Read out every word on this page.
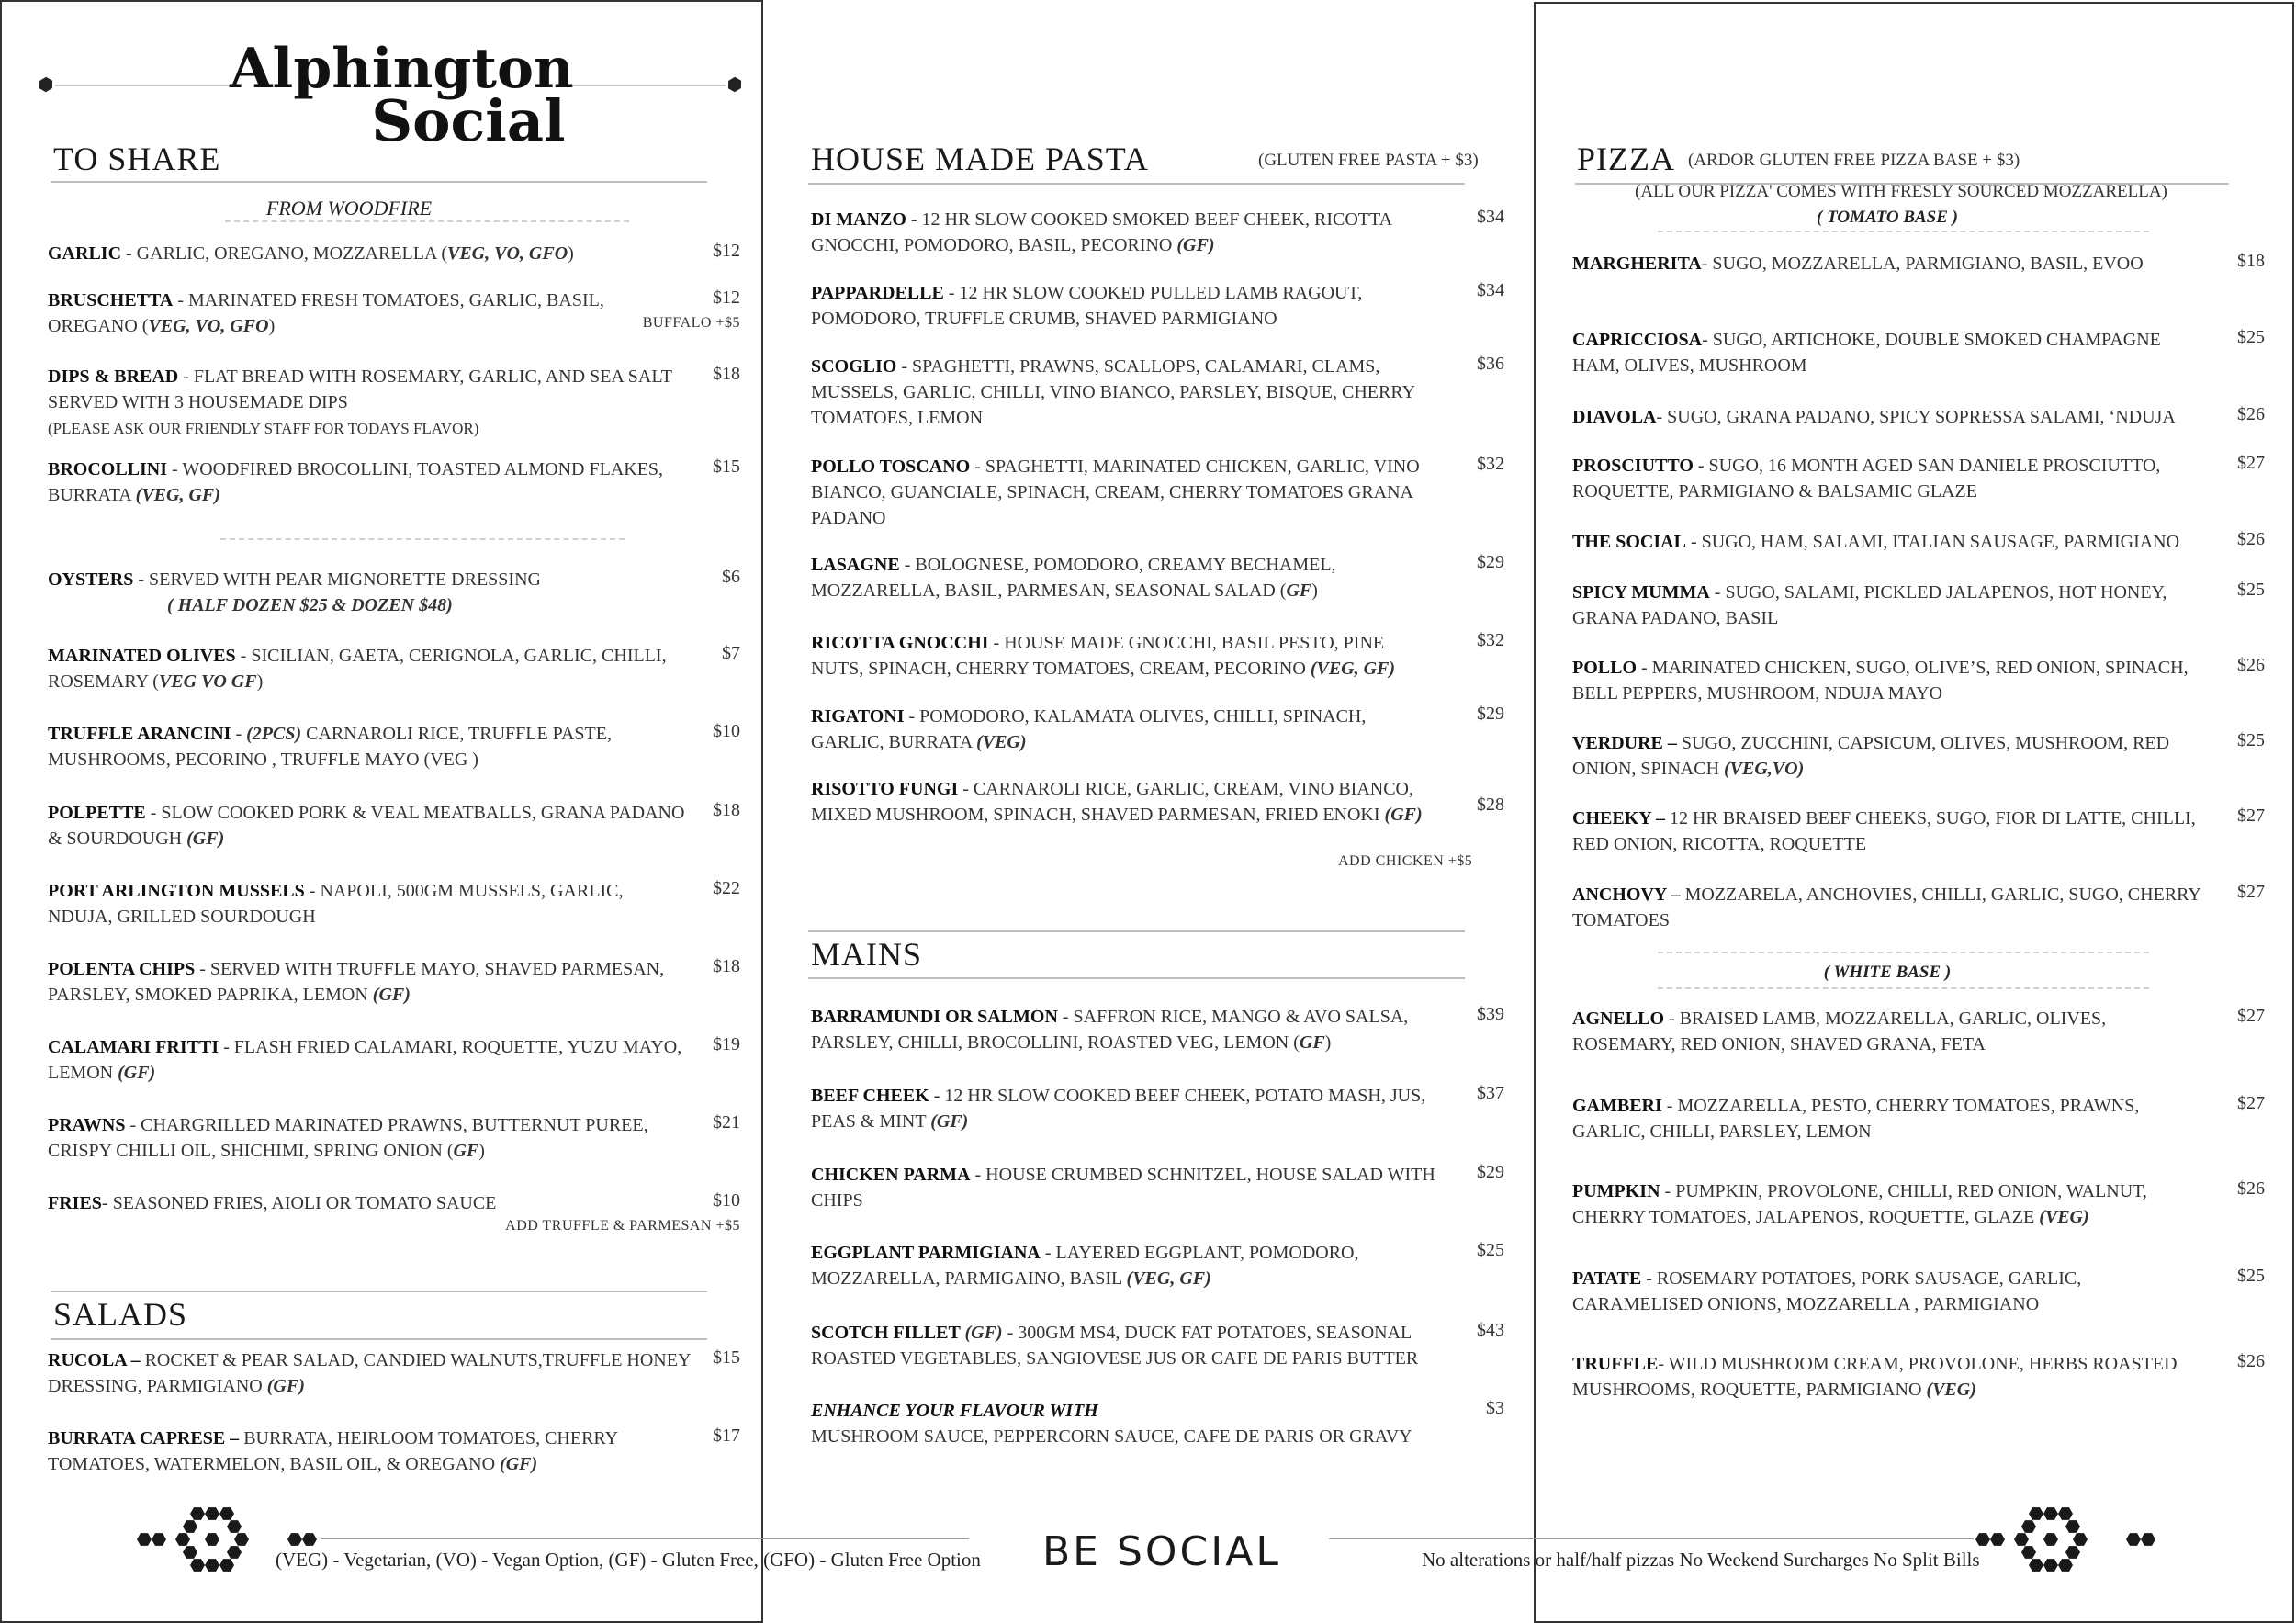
Alphington
Social
TO SHARE
FROM WOODFIRE
SALADS
HOUSE MADE PASTA	(GLUTEN FREE PASTA + $3)
ADD CHICKEN +$5
MAINS
PIZZA (ARDOR GLUTEN FREE PIZZA BASE + $3)
(ALL OUR PIZZA' COMES WITH FRESLY SOURCED MOZZARELLA)
( TOMATO BASE )
( WHITE BASE )
(VEG) - Vegetarian, (VO) - Vegan Option, (GF) - Gluten Free, (GFO) - Gluten Free Option BE SOCIAL	No alterations or half/half pizzas No Weekend Surcharges No Split Bills
GARLIC - GARLIC, OREGANO, MOZZARELLA (VEG, VO, GFO)	$12
BRUSCHETTA - MARINATED FRESH TOMATOES, GARLIC, BASIL, OREGANO (VEG, VO, GFO)
$12
BUFFALO +$5
DIPS & BREAD - FLAT BREAD WITH ROSEMARY, GARLIC, AND SEA SALT SERVED WITH 3 HOUSEMADE DIPS
(PLEASE ASK OUR FRIENDLY STAFF FOR TODAYS FLAVOR)
$18
BROCOLLINI - WOODFIRED BROCOLLINI, TOASTED ALMOND FLAKES, BURRATA (VEG, GF)
$15
OYSTERS - SERVED WITH PEAR MIGNORETTE DRESSING
( HALF DOZEN $25 & DOZEN $48)
$6
MARINATED OLIVES - SICILIAN, GAETA, CERIGNOLA, GARLIC, CHILLI, ROSEMARY (VEG VO GF)
$7
TRUFFLE ARANCINI - (2PCS) CARNAROLI RICE, TRUFFLE PASTE, MUSHROOMS, PECORINO , TRUFFLE MAYO (VEG )
$10
POLPETTE - SLOW COOKED PORK & VEAL MEATBALLS, GRANA PADANO & SOURDOUGH (GF)
$18
PORT ARLINGTON MUSSELS - NAPOLI, 500GM MUSSELS, GARLIC, NDUJA, GRILLED SOURDOUGH
$22
POLENTA CHIPS - SERVED WITH TRUFFLE MAYO, SHAVED PARMESAN, PARSLEY, SMOKED PAPRIKA, LEMON (GF)
$18
CALAMARI FRITTI - FLASH FRIED CALAMARI, ROQUETTE, YUZU MAYO, LEMON (GF)
$19
PRAWNS - CHARGRILLED MARINATED PRAWNS, BUTTERNUT PUREE, CRISPY CHILLI OIL, SHICHIMI, SPRING ONION (GF)
$21
FRIES- SEASONED FRIES, AIOLI OR TOMATO SAUCE	$10
ADD TRUFFLE & PARMESAN +$5
RUCOLA – ROCKET & PEAR SALAD, CANDIED WALNUTS,TRUFFLE HONEY DRESSING, PARMIGIANO (GF)
$15
BURRATA CAPRESE – BURRATA, HEIRLOOM TOMATOES, CHERRY TOMATOES, WATERMELON, BASIL OIL, & OREGANO (GF)
$17
DI MANZO - 12 HR SLOW COOKED SMOKED BEEF CHEEK, RICOTTA GNOCCHI, POMODORO, BASIL, PECORINO (GF)
$34
PAPPARDELLE - 12 HR SLOW COOKED PULLED LAMB RAGOUT, POMODORO, TRUFFLE CRUMB, SHAVED PARMIGIANO
$34
SCOGLIO - SPAGHETTI, PRAWNS, SCALLOPS, CALAMARI, CLAMS, MUSSELS, GARLIC, CHILLI, VINO BIANCO, PARSLEY, BISQUE, CHERRY TOMATOES, LEMON
$36
POLLO TOSCANO - SPAGHETTI, MARINATED CHICKEN, GARLIC, VINO BIANCO, GUANCIALE, SPINACH, CREAM, CHERRY TOMATOES GRANA PADANO
$32
LASAGNE - BOLOGNESE, POMODORO, CREAMY BECHAMEL, MOZZARELLA, BASIL, PARMESAN, SEASONAL SALAD (GF)
$29
RICOTTA GNOCCHI - HOUSE MADE GNOCCHI, BASIL PESTO, PINE NUTS, SPINACH, CHERRY TOMATOES, CREAM, PECORINO (VEG, GF)
$32
RIGATONI - POMODORO, KALAMATA OLIVES, CHILLI, SPINACH, GARLIC, BURRATA (VEG)
$29
RISOTTO FUNGI - CARNAROLI RICE, GARLIC, CREAM, VINO BIANCO, MIXED MUSHROOM, SPINACH, SHAVED PARMESAN, FRIED ENOKI (GF)	$28
BARRAMUNDI OR SALMON - SAFFRON RICE, MANGO & AVO SALSA, PARSLEY, CHILLI, BROCOLLINI, ROASTED VEG, LEMON (GF)
$39
BEEF CHEEK - 12 HR SLOW COOKED BEEF CHEEK, POTATO MASH, JUS, PEAS & MINT (GF)
$37
CHICKEN PARMA - HOUSE CRUMBED SCHNITZEL, HOUSE SALAD WITH CHIPS
$29
EGGPLANT PARMIGIANA - LAYERED EGGPLANT, POMODORO, MOZZARELLA, PARMIGAINO, BASIL (VEG, GF)
$25
SCOTCH FILLET (GF) - 300GM MS4, DUCK FAT POTATOES, SEASONAL ROASTED VEGETABLES, SANGIOVESE JUS OR CAFE DE PARIS BUTTER
$43
ENHANCE YOUR FLAVOUR WITH
MUSHROOM SAUCE, PEPPERCORN SAUCE, CAFE DE PARIS OR GRAVY
$3
MARGHERITA- SUGO, MOZZARELLA, PARMIGIANO, BASIL, EVOO	$18
CAPRICCIOSA- SUGO, ARTICHOKE, DOUBLE SMOKED CHAMPAGNE HAM, OLIVES, MUSHROOM
$25
DIAVOLA- SUGO, GRANA PADANO, SPICY SOPRESSA SALAMI, ‘NDUJA	$26
PROSCIUTTO - SUGO, 16 MONTH AGED SAN DANIELE PROSCIUTTO, ROQUETTE, PARMIGIANO & BALSAMIC GLAZE
$27
THE SOCIAL - SUGO, HAM, SALAMI, ITALIAN SAUSAGE, PARMIGIANO	$26
SPICY MUMMA - SUGO, SALAMI, PICKLED JALAPENOS, HOT HONEY, GRANA PADANO, BASIL
$25
POLLO - MARINATED CHICKEN, SUGO, OLIVE’S, RED ONION, SPINACH, BELL PEPPERS, MUSHROOM, NDUJA MAYO
$26
VERDURE – SUGO, ZUCCHINI, CAPSICUM, OLIVES, MUSHROOM, RED ONION, SPINACH (VEG,VO)
$25
CHEEKY – 12 HR BRAISED BEEF CHEEKS, SUGO, FIOR DI LATTE, CHILLI, RED ONION, RICOTTA, ROQUETTE
$27
ANCHOVY – MOZZARELA, ANCHOVIES, CHILLI, GARLIC, SUGO, CHERRY TOMATOES
$27
AGNELLO - BRAISED LAMB, MOZZARELLA, GARLIC, OLIVES, ROSEMARY, RED ONION, SHAVED GRANA, FETA
$27
GAMBERI - MOZZARELLA, PESTO, CHERRY TOMATOES, PRAWNS, GARLIC, CHILLI, PARSLEY, LEMON
$27
PUMPKIN - PUMPKIN, PROVOLONE, CHILLI, RED ONION, WALNUT, CHERRY TOMATOES, JALAPENOS, ROQUETTE, GLAZE (VEG)
$26
PATATE - ROSEMARY POTATOES, PORK SAUSAGE, GARLIC, CARAMELISED ONIONS, MOZZARELLA , PARMIGIANO
$25
TRUFFLE- WILD MUSHROOM CREAM, PROVOLONE, HERBS ROASTED MUSHROOMS, ROQUETTE, PARMIGIANO (VEG)
$26
